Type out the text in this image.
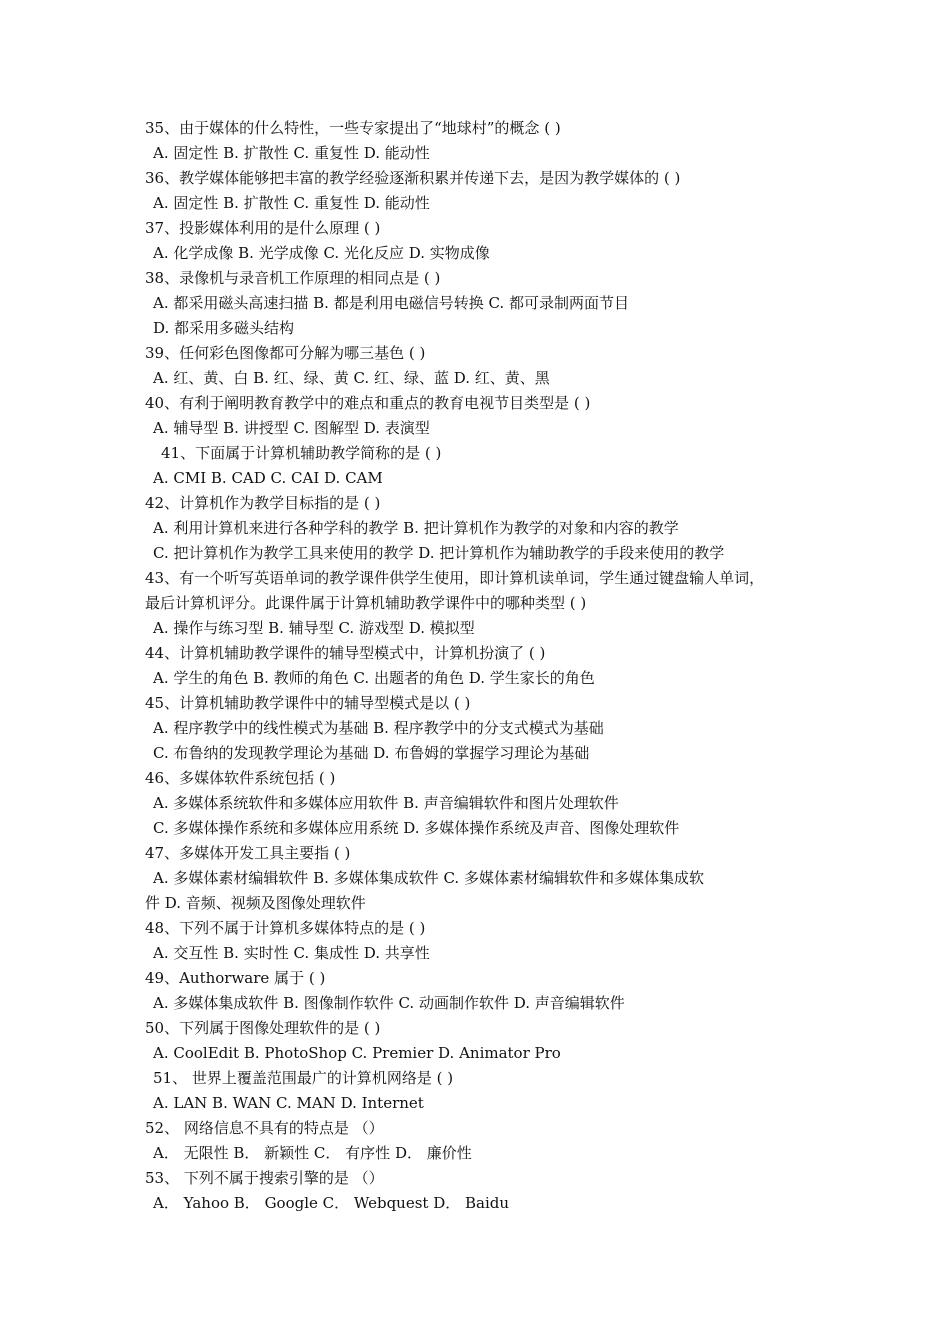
35、由于媒体的什么特性，一些专家提出了“地球村”的概念 ( )
A. 固定性 B. 扩散性 C. 重复性 D. 能动性
36、教学媒体能够把丰富的教学经验逐渐积累并传递下去，是因为教学媒体的 ( )
A. 固定性 B. 扩散性 C. 重复性 D. 能动性
37、投影媒体利用的是什么原理 ( )
A. 化学成像 B. 光学成像 C. 光化反应 D. 实物成像
38、录像机与录音机工作原理的相同点是 ( )
A. 都采用磁头高速扫描 B. 都是利用电磁信号转换 C. 都可录制两面节目
D. 都采用多磁头结构
39、任何彩色图像都可分解为哪三基色 ( )
A. 红、黄、白 B. 红、绿、黄 C. 红、绿、蓝 D. 红、黄、黑
40、有利于阐明教育教学中的难点和重点的教育电视节目类型是 ( )
A. 辅导型 B. 讲授型 C. 图解型 D. 表演型
41、下面属于计算机辅助教学简称的是 ( )
A. CMI B. CAD C. CAI D. CAM
42、计算机作为教学目标指的是 ( )
A. 利用计算机来进行各种学科的教学 B. 把计算机作为教学的对象和内容的教学
C. 把计算机作为教学工具来使用的教学 D. 把计算机作为辅助教学的手段来使用的教学
43、有一个听写英语单词的教学课件供学生使用，即计算机读单词，学生通过键盘输人单词，
最后计算机评分。此课件属于计算机辅助教学课件中的哪种类型 ( )
A. 操作与练习型 B. 辅导型 C. 游戏型 D. 模拟型
44、计算机辅助教学课件的辅导型模式中，计算机扮演了 ( )
A. 学生的角色 B. 教师的角色 C. 出题者的角色 D. 学生家长的角色
45、计算机辅助教学课件中的辅导型模式是以 ( )
A. 程序教学中的线性模式为基础 B. 程序教学中的分支式模式为基础
C. 布鲁纳的发现教学理论为基础 D. 布鲁姆的掌握学习理论为基础
46、多媒体软件系统包括 ( )
A. 多媒体系统软件和多媒体应用软件 B. 声音编辑软件和图片处理软件
C. 多媒体操作系统和多媒体应用系统 D. 多媒体操作系统及声音、图像处理软件
47、多媒体开发工具主要指 ( )
A. 多媒体素材编辑软件 B. 多媒体集成软件 C. 多媒体素材编辑软件和多媒体集成软
件 D. 音频、视频及图像处理软件
48、下列不属于计算机多媒体特点的是 ( )
A. 交互性 B. 实时性 C. 集成性 D. 共享性
49、Authorware 属于 ( )
A. 多媒体集成软件 B. 图像制作软件 C. 动画制作软件 D. 声音编辑软件
50、下列属于图像处理软件的是 ( )
A. CoolEdit B. PhotoShop C. Premier D. Animator Pro
51、 世界上覆盖范围最广的计算机网络是 ( )
A. LAN B. WAN C. MAN D. Internet
52、 网络信息不具有的特点是 （）
A． 无限性 B． 新颖性 C． 有序性 D． 廉价性
53、 下列不属于搜索引擎的是 （）
A． Yahoo B． Google C． Webquest D． Baidu
